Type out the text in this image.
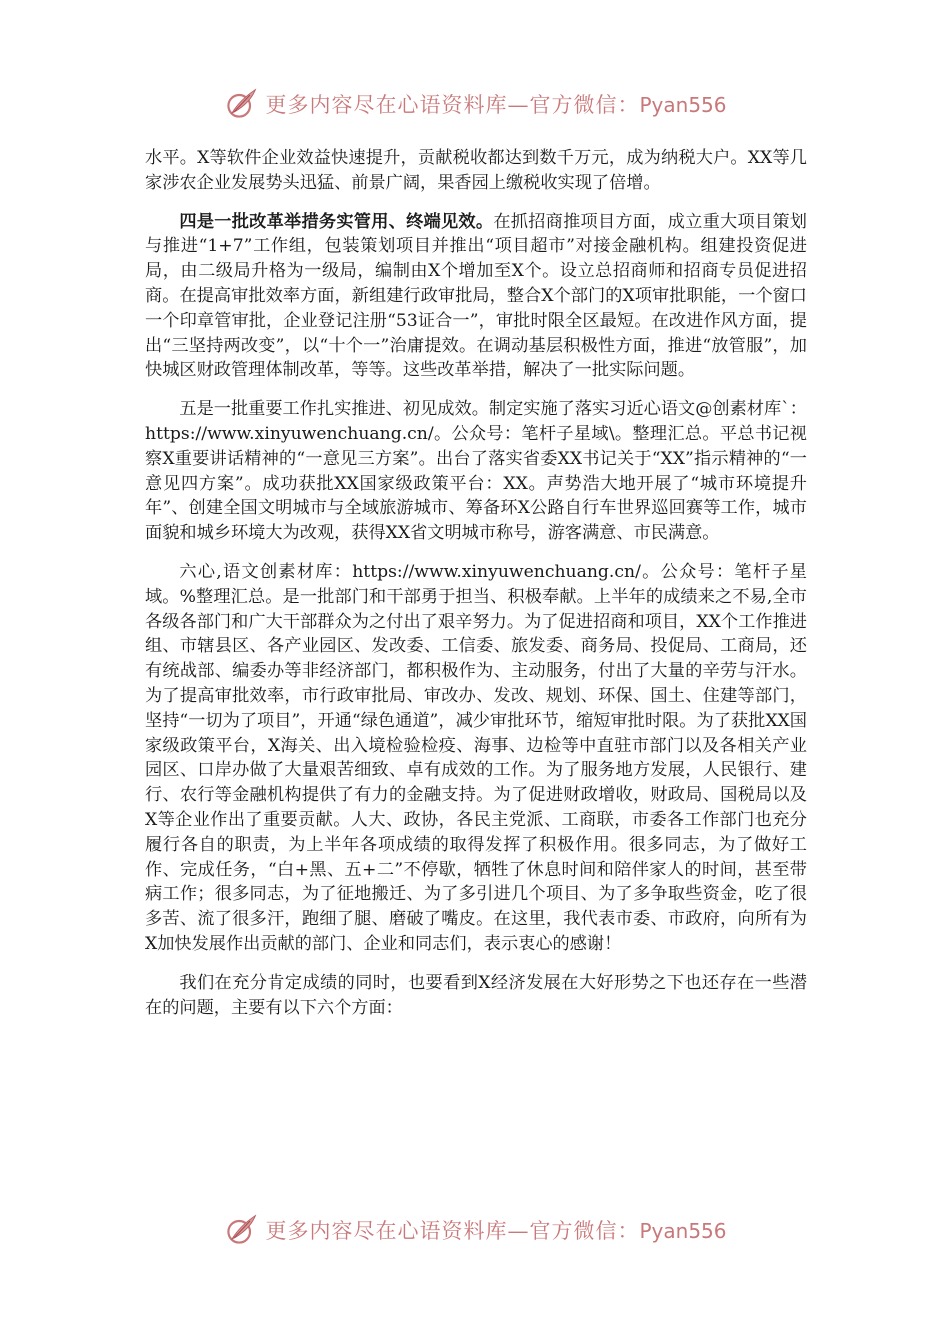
更多内容尽在心语资料库—官方微信：Pyan556

水平。X等软件企业效益快速提升，贡献税收都达到数千万元，成为纳税大户。XX等几家涉农企业发展势头迅猛、前景广阔，果香园上缴税收实现了倍增。

四是一批改革举措务实管用、终端见效。在抓招商推项目方面，成立重大项目策划与推进“1+7”工作组，包装策划项目并推出“项目超市”对接金融机构。组建投资促进局，由二级局升格为一级局，编制由X个增加至X个。设立总招商师和招商专员促进招商。在提高审批效率方面，新组建行政审批局，整合X个部门的X项审批职能，一个窗口一个印章管审批，企业登记注册“53证合一”，审批时限全区最短。在改进作风方面，提出“三坚持两改变”，以“十个一”治庸提效。在调动基层积极性方面，推进“放管服”，加快城区财政管理体制改革，等等。这些改革举措，解决了一批实际问题。

五是一批重要工作扎实推进、初见成效。制定实施了落实习近心语文@创素材库`：https://www.xinyuwenchuang.cn/。公众号：笔杆子星域\。整理汇总。平总书记视察X重要讲话精神的“一意见三方案”。出台了落实省委XX书记关于“XX”指示精神的“一意见四方案”。成功获批XX国家级政策平台：XX。声势浩大地开展了“城市环境提升年”、创建全国文明城市与全域旅游城市、筹备环X公路自行车世界巡回赛等工作，城市面貌和城乡环境大为改观，获得XX省文明城市称号，游客满意、市民满意。

六心,语文创素材库：https://www.xinyuwenchuang.cn/。公众号：笔杆子星域。%整理汇总。是一批部门和干部勇于担当、积极奉献。上半年的成绩来之不易,全市各级各部门和广大干部群众为之付出了艰辛努力。为了促进招商和项目，XX个工作推进组、市辖县区、各产业园区、发改委、工信委、旅发委、商务局、投促局、工商局，还有统战部、编委办等非经济部门，都积极作为、主动服务，付出了大量的辛劳与汗水。为了提高审批效率，市行政审批局、审改办、发改、规划、环保、国土、住建等部门，坚持“一切为了项目”，开通“绿色通道”，减少审批环节，缩短审批时限。为了获批XX国家级政策平台，X海关、出入境检验检疫、海事、边检等中直驻市部门以及各相关产业园区、口岸办做了大量艰苦细致、卓有成效的工作。为了服务地方发展，人民银行、建行、农行等金融机构提供了有力的金融支持。为了促进财政增收，财政局、国税局以及X等企业作出了重要贡献。人大、政协，各民主党派、工商联，市委各工作部门也充分履行各自的职责，为上半年各项成绩的取得发挥了积极作用。很多同志，为了做好工作、完成任务，“白+黑、五+二”不停歇，牺牲了休息时间和陪伴家人的时间，甚至带病工作；很多同志，为了征地搬迁、为了多引进几个项目、为了多争取些资金，吃了很多苦、流了很多汗，跑细了腿、磨破了嘴皮。在这里，我代表市委、市政府，向所有为X加快发展作出贡献的部门、企业和同志们，表示衷心的感谢！

我们在充分肯定成绩的同时，也要看到X经济发展在大好形势之下也还存在一些潜在的问题，主要有以下六个方面：

更多内容尽在心语资料库—官方微信：Pyan556
